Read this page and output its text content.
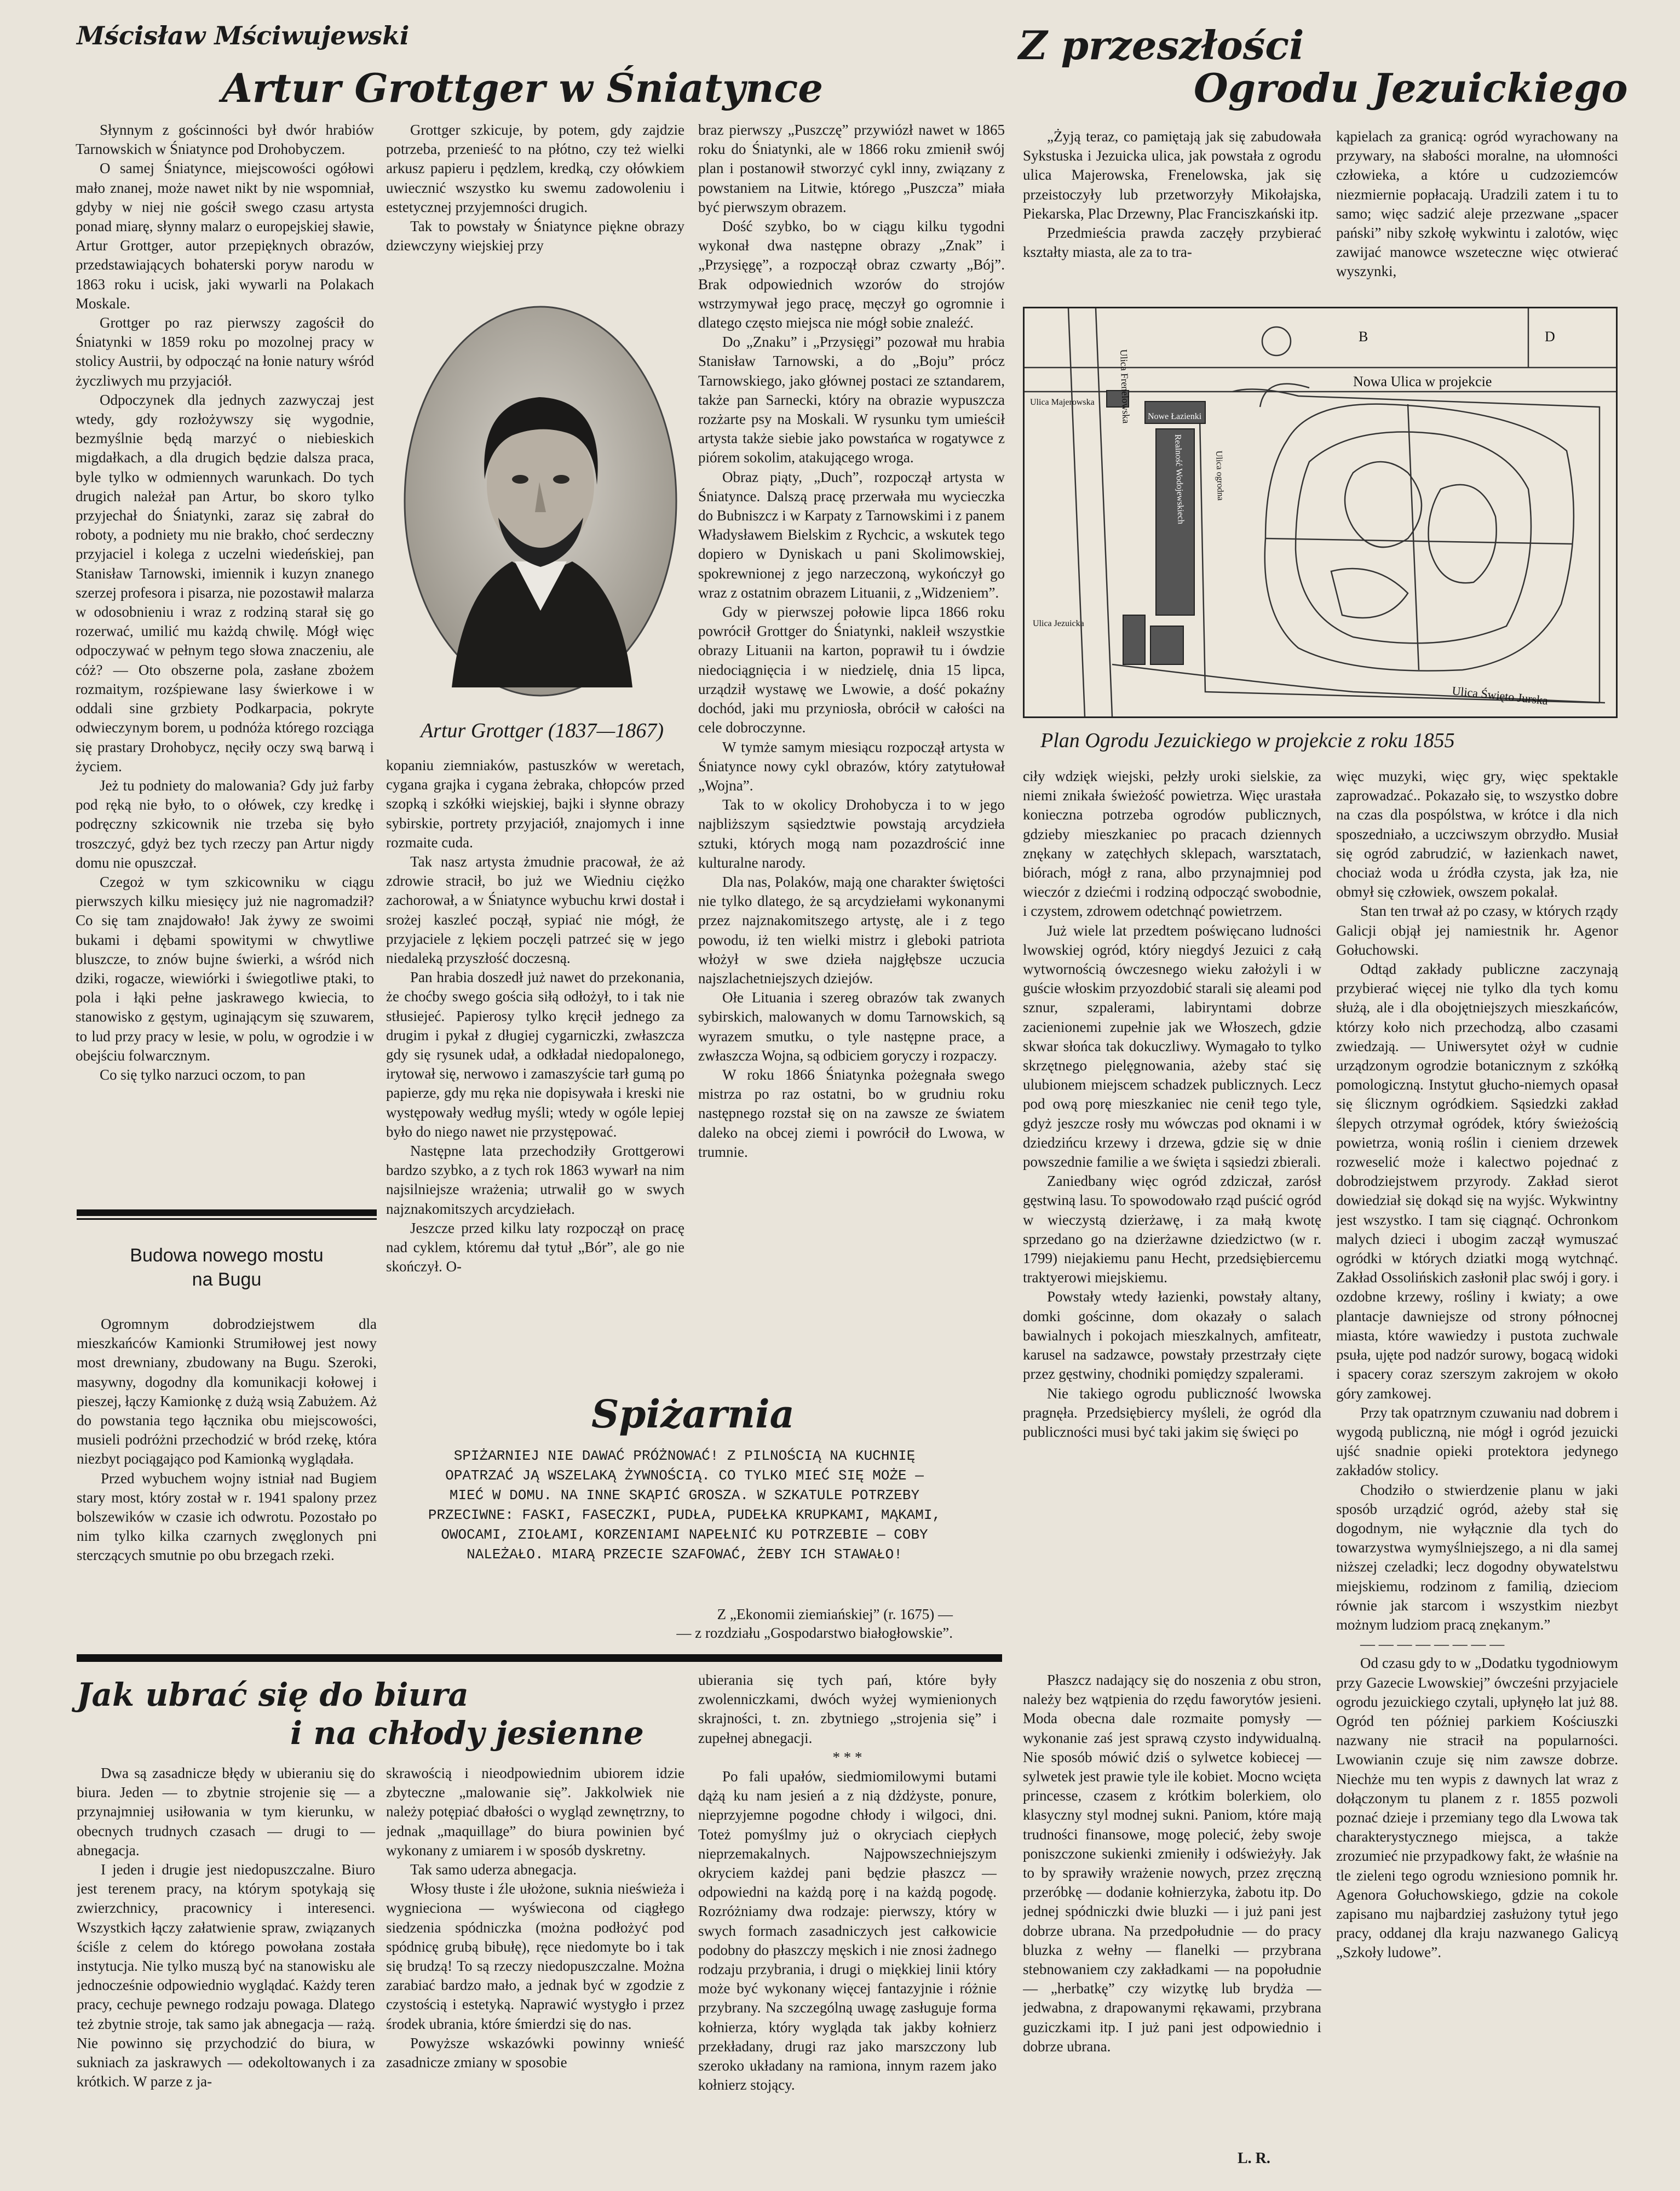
Mścisław Mściwujewski
Artur Grottger w Śniatynce

Słynnym z gościnności był dwór hrabiów Tarnowskich w Śniatynce pod Drohobyczem.

O samej Śniatynce, miejscowości ogółowi mało znanej, może nawet nikt by nie wspomniał, gdyby w niej nie gościł swego czasu artysta ponad miarę, słynny malarz o europejskiej sławie, Artur Grottger, autor przepięknych obrazów, przedstawiających bohaterski poryw narodu w 1863 roku i ucisk, jaki wywarli na Polakach Moskale.

Grottger po raz pierwszy zagościł do Śniatynki w 1859 roku po mozolnej pracy w stolicy Austrii, by odpocząć na łonie natury wśród życzliwych mu przyjaciół.

Odpoczynek dla jednych zazwyczaj jest wtedy, gdy rozłożywszy się wygodnie, bezmyślnie będą marzyć o niebieskich migdałkach, a dla drugich będzie dalsza praca, byle tylko w odmiennych warunkach. Do tych drugich należał pan Artur, bo skoro tylko przyjechał do Śniatynki, zaraz się zabrał do roboty, a podniety mu nie brakło, choć serdeczny przyjaciel i kolega z uczelni wiedeńskiej, pan Stanisław Tarnowski, imiennik i kuzyn znanego szerzej profesora i pisarza, nie pozostawił malarza w odosobnieniu i wraz z rodziną starał się go rozerwać, umilić mu każdą chwilę. Mógł więc odpoczywać w pełnym tego słowa znaczeniu, ale cóż? — Oto obszerne pola, zasłane zbożem rozmaitym, rozśpiewane lasy świerkowe i w oddali sine grzbiety Podkarpacia, pokryte odwieczynym borem, u podnóża którego rozciąga się prastary Drohobycz, nęciły oczy swą barwą i życiem.

Jeż tu podniety do malowania? Gdy już farby pod ręką nie było, to o ołówek, czy kredkę i podręczny szkicownik nie trzeba się było troszczyć, gdyż bez tych rzeczy pan Artur nigdy domu nie opuszczał.

Czegoż w tym szkicowniku w ciągu pierwszych kilku miesięcy już nie nagromadził? Co się tam znajdowało! Jak żywy ze swoimi bukami i dębami spowitymi w chwytliwe bluszcze, to znów bujne świerki, a wśród nich dziki, rogacze, wiewiórki i świegotliwe ptaki, to pola i łąki pełne jaskrawego kwiecia, to stanowisko z gęstym, uginającym się szuwarem, to lud przy pracy w lesie, w polu, w ogrodzie i w obejściu folwarcznym.

Co się tylko narzuci oczom, to pan

Grottger szkicuje, by potem, gdy zajdzie potrzeba, przenieść to na płótno, czy też wielki arkusz papieru i pędzlem, kredką, czy ołówkiem uwiecznić wszystko ku swemu zadowoleniu i estetycznej przyjemności drugich.

Tak to powstały w Śniatynce piękne obrazy dziewczyny wiejskiej przy

Artur Grottger (1837—1867)

kopaniu ziemniaków, pastuszków w weretach, cygana grajka i cygana żebraka, chłopców przed szopką i szkółki wiejskiej, bajki i słynne obrazy sybirskie, portrety przyjaciół, znajomych i inne rozmaite cuda.

Tak nasz artysta żmudnie pracował, że aż zdrowie stracił, bo już we Wiedniu ciężko zachorował, a w Śniatynce wybuchu krwi dostał i srożej kaszleć począł, sypiać nie mógł, że przyjaciele z lękiem poczęli patrzeć się w jego niedaleką przyszłość doczesną.

Pan hrabia doszedł już nawet do przekonania, że choćby swego gościa siłą odłożył, to i tak nie stłusiejeć. Papierosy tylko kręcił jednego za drugim i pykał z długiej cygarniczki, zwłaszcza gdy się rysunek udał, a odkładał niedopalonego, irytował się, nerwowo i zamaszyście tarł gumą po papierze, gdy mu ręka nie dopisywała i kreski nie występowały według myśli; wtedy w ogóle lepiej było do niego nawet nie przystępować.

Następne lata przechodziły Grottgerowi bardzo szybko, a z tych rok 1863 wywarł na nim najsilniejsze wrażenia; utrwalił go w swych najznakomitszych arcydziełach.

Jeszcze przed kilku laty rozpoczął on pracę nad cyklem, któremu dał tytuł „Bór”, ale go nie skończył. O-

braz pierwszy „Puszczę” przywiózł nawet w 1865 roku do Śniatynki, ale w 1866 roku zmienił swój plan i postanowił stworzyć cykl inny, związany z powstaniem na Litwie, którego „Puszcza” miała być pierwszym obrazem.

Dość szybko, bo w ciągu kilku tygodni wykonał dwa następne obrazy „Znak” i „Przysięgę”, a rozpoczął obraz czwarty „Bój”. Brak odpowiednich wzorów do strojów wstrzymywał jego pracę, męczył go ogromnie i dlatego często miejsca nie mógł sobie znaleźć.

Do „Znaku” i „Przysięgi” pozował mu hrabia Stanisław Tarnowski, a do „Boju” prócz Tarnowskiego, jako głównej postaci ze sztandarem, także pan Sarnecki, który na obrazie wypuszcza rozżarte psy na Moskali. W rysunku tym umieścił artysta także siebie jako powstańca w rogatywce z piórem sokolim, atakującego wroga.

Obraz piąty, „Duch”, rozpoczął artysta w Śniatynce. Dalszą pracę przerwała mu wycieczka do Bubniszcz i w Karpaty z Tarnowskimi i z panem Władysławem Bielskim z Rychcic, a wskutek tego dopiero w Dyniskach u pani Skolimowskiej, spokrewnionej z jego narzeczoną, wykończył go wraz z ostatnim obrazem Lituanii, z „Widzeniem”.

Gdy w pierwszej połowie lipca 1866 roku powrócił Grottger do Śniatynki, nakleił wszystkie obrazy Lituanii na karton, poprawił tu i ówdzie niedociągnięcia i w niedzielę, dnia 15 lipca, urządził wystawę we Lwowie, a dość pokaźny dochód, jaki mu przyniosła, obrócił w całości na cele dobroczynne.

W tymże samym miesiącu rozpoczął artysta w Śniatynce nowy cykl obrazów, który zatytułował „Wojna”.

Tak to w okolicy Drohobycza i to w jego najbliższym sąsiedztwie powstają arcydzieła sztuki, których mogą nam pozazdrościć inne kulturalne narody.

Dla nas, Polaków, mają one charakter świętości nie tylko dlatego, że są arcydziełami wykonanymi przez najznakomitszego artystę, ale i z tego powodu, iż ten wielki mistrz i gleboki patriota włożył w swe dzieła najgłębsze uczucia najszlachetniejszych dziejów.

Ołe Lituania i szereg obrazów tak zwanych sybirskich, malowanych w domu Tarnowskich, są wyrazem smutku, o tyle następne prace, a zwłaszcza Wojna, są odbiciem goryczy i rozpaczy.

W roku 1866 Śniatynka pożegnała swego mistrza po raz ostatni, bo w grudniu roku następnego rozstał się on na zawsze ze światem daleko na obcej ziemi i powrócił do Lwowa, w trumnie.

Budowa nowego mostu
na Bugu

Ogromnym dobrodziejstwem dla mieszkańców Kamionki Strumiłowej jest nowy most drewniany, zbudowany na Bugu. Szeroki, masywny, dogodny dla komunikacji kołowej i pieszej, łączy Kamionkę z dużą wsią Zabużem. Aż do powstania tego łącznika obu miejscowości, musieli podróżni przechodzić w bród rzekę, która niezbyt pociągająco pod Kamionką wyglądała.

Przed wybuchem wojny istniał nad Bugiem stary most, który został w r. 1941 spalony przez bolszewików w czasie ich odwrotu. Pozostało po nim tylko kilka czarnych zwęglonych pni sterczących smutnie po obu brzegach rzeki.

Z przeszłości
Ogrodu Jezuickiego

„Żyją teraz, co pamiętają jak się zabudowała Sykstuska i Jezuicka ulica, jak powstała z ogrodu ulica Majerowska, Frenelowska, jak się przeistoczyły lub przetworzyły Mikołajska, Piekarska, Plac Drzewny, Plac Franciszkański itp.

Przedmieścia prawda zaczęły przybierać kształty miasta, ale za to tra-

kąpielach za granicą: ogród wyrachowany na przywary, na słabości moralne, na ułomności człowieka, a które u cudzoziemców niezmiernie popłacają. Uradzili zatem i tu to samo; więc sadzić aleje przezwane „spacer pański” niby szkołę wykwintu i zalotów, więc zawijać manowce wszeteczne więc otwierać wyszynki,

Nowa Ulica w projekcie
Ulica Majerowska Ulica Frenelowska Nowe Łazienki
Realność Wodojewskiech	Ulica ogrodna
Ulica Jezuicka
Ulica Święto Jurska
B	D
Plan Ogrodu Jezuickiego w projekcie z roku 1855

ciły wdzięk wiejski, pełzły uroki sielskie, za niemi znikała świeżość powietrza. Więc urastała konieczna potrzeba ogrodów publicznych, gdzieby mieszkaniec po pracach dziennych znękany w zatęchłych sklepach, warsztatach, biórach, mógł z rana, albo przynajmniej pod wieczór z dziećmi i rodziną odpocząć swobodnie, i czystem, zdrowem odetchnąć powietrzem.

Już wiele lat przedtem poświęcano ludności lwowskiej ogród, który niegdyś Jezuici z całą wytwornością ówczesnego wieku założyli i w guście włoskim przyozdobić starali się aleami pod sznur, szpalerami, labiryntami dobrze zacienionemi zupełnie jak we Włoszech, gdzie skwar słońca tak dokuczliwy. Wymagało to tylko skrzętnego pielęgnowania, ażeby stać się ulubionem miejscem schadzek publicznych. Lecz pod ową porę mieszkaniec nie cenił tego tyle, gdyż jeszcze rosły mu wówczas pod oknami i w dziedzińcu krzewy i drzewa, gdzie się w dnie powszednie familie a we święta i sąsiedzi zbierali.

Zaniedbany więc ogród zdziczał, zarósł gęstwiną lasu. To spowodowało rząd puścić ogród w wieczystą dzierżawę, i za małą kwotę sprzedano go na dzierżawne dziedzictwo (w r. 1799) niejakiemu panu Hecht, przedsiębiercemu traktyerowi miejskiemu.

Powstały wtedy łazienki, powstały altany, domki gościnne, dom okazały o salach bawialnych i pokojach mieszkalnych, amfiteatr, karusel na sadzawce, powstały przestrzały cięte przez gęstwiny, chodniki pomiędzy szpalerami.

Nie takiego ogrodu publiczność lwowska pragnęła. Przedsiębiercy myśleli, że ogród dla publiczności musi być taki jakim się święci po

więc muzyki, więc gry, więc spektakle zaprowadzać.. Pokazało się, to wszystko dobre na czas dla pospólstwa, w krótce i dla nich sposzedniało, a uczciwszym obrzydło. Musiał się ogród zabrudzić, w łazienkach nawet, chociaż woda u źródła czysta, jak łza, nie obmył się człowiek, owszem pokalał.

Stan ten trwał aż po czasy, w których rządy Galicji objął jej namiestnik hr. Agenor Gołuchowski.

Odtąd zakłady publiczne zaczynają przybierać więcej nie tylko dla tych komu służą, ale i dla obojętniejszych mieszkańców, którzy koło nich przechodzą, albo czasami zwiedzają. — Uniwersytet ożył w cudnie urządzonym ogrodzie botanicznym z szkółką pomologiczną. Instytut głucho-niemych opasał się ślicznym ogródkiem. Sąsiedzki zakład ślepych otrzymał ogródek, który świeżością powietrza, wonią roślin i cieniem drzewek rozweselić może i kalectwo pojednać z dobrodziejstwem przyrody. Zakład sierot dowiedział się dokąd się na wyjśc. Wykwintny jest wszystko. I tam się ciągnąć. Ochronkom malych dzieci i ubogim zaczął wymuszać ogródki w których dziatki mogą wytchnąć. Zakład Ossolińskich zasłonił plac swój i gory. i ozdobne krzewy, rośliny i kwiaty; a owe plantacje dawniejsze od strony północnej miasta, które wawiedzy i pustota zuchwale psuła, ujęte pod nadzór surowy, bogacą widoki i spacery coraz szerszym zakrojem w około góry zamkowej.

Przy tak opatrznym czuwaniu nad dobrem i wygodą publiczną, nie mógł i ogród jezuicki ujść snadnie opieki protektora jedynego zakładów stolicy.

Chodziło o stwierdzenie planu w jaki sposób urządzić ogród, ażeby stał się dogodnym, nie wyłącznie dla tych do towarzystwa wymyślniejszego, a ni dla samej niższej czeladki; lecz dogodny obywatelstwu miejskiemu, rodzinom z familią, dzieciom równie jak starcom i wszystkim niezbyt możnym ludziom pracą znękanym.”

— — — — — — — —

Od czasu gdy to w „Dodatku tygodniowym przy Gazecie Lwowskiej” ówcześni przyjaciele ogrodu jezuickiego czytali, upłynęło lat już 88. Ogród ten później parkiem Kościuszki nazwany nie stracił na popularności. Lwowianin czuje się nim zawsze dobrze. Niechże mu ten wypis z dawnych lat wraz z dołączonym tu planem z r. 1855 pozwoli poznać dzieje i przemiany tego dla Lwowa tak charakterystycznego miejsca, a także zrozumieć nie przypadkowy fakt, że właśnie na tle zieleni tego ogrodu wzniesiono pomnik hr. Agenora Gołuchowskiego, gdzie na cokole zapisano mu najbardziej zasłużony tytuł jego pracy, oddanej dla kraju nazwanego Galicyą „Szkoły ludowe”.

Spiżarnia
SPIŻARNIEJ NIE DAWAĆ PRÓŻNOWAĆ! Z PILNOŚCIĄ NA KUCHNIĘ OPATRZAĆ JĄ WSZELAKĄ ŻYWNOŚCIĄ. CO TYLKO MIEĆ SIĘ MOŻE — MIEĆ W DOMU. NA INNE SKĄPIĆ GROSZA. W SZKATULE POTRZEBY PRZECIWNE: FASKI, FASECZKI, PUDŁA, PUDEŁKA KRUPKAMI, MĄKAMI, OWOCAMI, ZIOŁAMI, KORZENIAMI NAPEŁNIĆ KU POTRZEBIE — COBY NALEŻAŁO. MIARĄ PRZECIE SZAFOWAĆ, ŻEBY ICH STAWAŁO!
Z „Ekonomii ziemiańskiej” (r. 1675) —
— z rozdziału „Gospodarstwo białogłowskie”.
Jak ubrać się do biura
i na chłody jesienne

Dwa są zasadnicze błędy w ubieraniu się do biura. Jeden — to zbytnie strojenie się — a przynajmniej usiłowania w tym kierunku, w obecnych trudnych czasach — drugi to — abnegacja.

I jeden i drugie jest niedopuszczalne. Biuro jest terenem pracy, na którym spotykają się zwierzchnicy, pracownicy i interesenci. Wszystkich łączy załatwienie spraw, związanych ściśle z celem do którego powołana została instytucja. Nie tylko muszą być na stanowisku ale jednocześnie odpowiednio wyglądać. Każdy teren pracy, cechuje pewnego rodzaju powaga. Dlatego też zbytnie stroje, tak samo jak abnegacja — rażą. Nie powinno się przychodzić do biura, w sukniach za jaskrawych — odekoltowanych i za krótkich. W parze z ja-

skrawością i nieodpowiednim ubiorem idzie zbyteczne „malowanie się”. Jakkolwiek nie należy potępiać dbałości o wygląd zewnętrzny, to jednak „maquillage” do biura powinien być wykonany z umiarem i w sposób dyskretny.

Tak samo uderza abnegacja.

Włosy tłuste i źle ułożone, suknia nieświeża i wygnieciona — wyświecona od ciągłego siedzenia spódniczka (można podłożyć pod spódnicę grubą bibułę), ręce niedomyte bo i tak się brudzą! To są rzeczy niedopuszczalne. Można zarabiać bardzo mało, a jednak być w zgodzie z czystością i estetyką. Naprawić wystygło i przez środek ubrania, które śmierdzi się do nas.

Powyższe wskazówki powinny wnieść zasadnicze zmiany w sposobie

ubierania się tych pań, które były zwolenniczkami, dwóch wyżej wymienionych skrajności, t. zn. zbytniego „strojenia się” i zupełnej abnegacji.

* * *

Po fali upałów, siedmiomilowymi butami dążą ku nam jesień a z nią dżdżyste, ponure, nieprzyjemne pogodne chłody i wilgoci, dni. Toteż pomyślmy już o okryciach ciepłych nieprzemakalnych. Najpowszechniejszym okryciem każdej pani będzie płaszcz — odpowiedni na każdą porę i na każdą pogodę. Rozróżniamy dwa rodzaje: pierwszy, który w swych formach zasadniczych jest całkowicie podobny do płaszczy męskich i nie znosi żadnego rodzaju przybrania, i drugi o miękkiej linii który może być wykonany więcej fantazyjnie i różnie przybrany. Na szczególną uwagę zasługuje forma kołnierza, który wygląda tak jakby kołnierz przekładany, drugi raz jako marszczony lub szeroko układany na ramiona, innym razem jako kołnierz stojący.

Płaszcz nadający się do noszenia z obu stron, należy bez wątpienia do rzędu faworytów jesieni. Moda obecna dale rozmaite pomysły — wykonanie zaś jest sprawą czysto indywidualną. Nie sposób mówić dziś o sylwetce kobiecej — sylwetek jest prawie tyle ile kobiet. Mocno wcięta princesse, czasem z krótkim bolerkiem, olo klasyczny styl modnej sukni. Paniom, które mają trudności finansowe, mogę polecić, żeby swoje poniszczone sukienki zmieniły i odświeżyły. Jak to by sprawiły wrażenie nowych, przez zręczną przeróbkę — dodanie kołnierzyka, żabotu itp. Do jednej spódniczki dwie bluzki — i już pani jest dobrze ubrana. Na przedpołudnie — do pracy bluzka z wełny — flanelki — przybrana stebnowaniem czy zakładkami — na popołudnie — „herbatkę” czy wizytkę lub brydża — jedwabna, z drapowanymi rękawami, przybrana guziczkami itp. I już pani jest odpowiednio i dobrze ubrana.

L. R.
